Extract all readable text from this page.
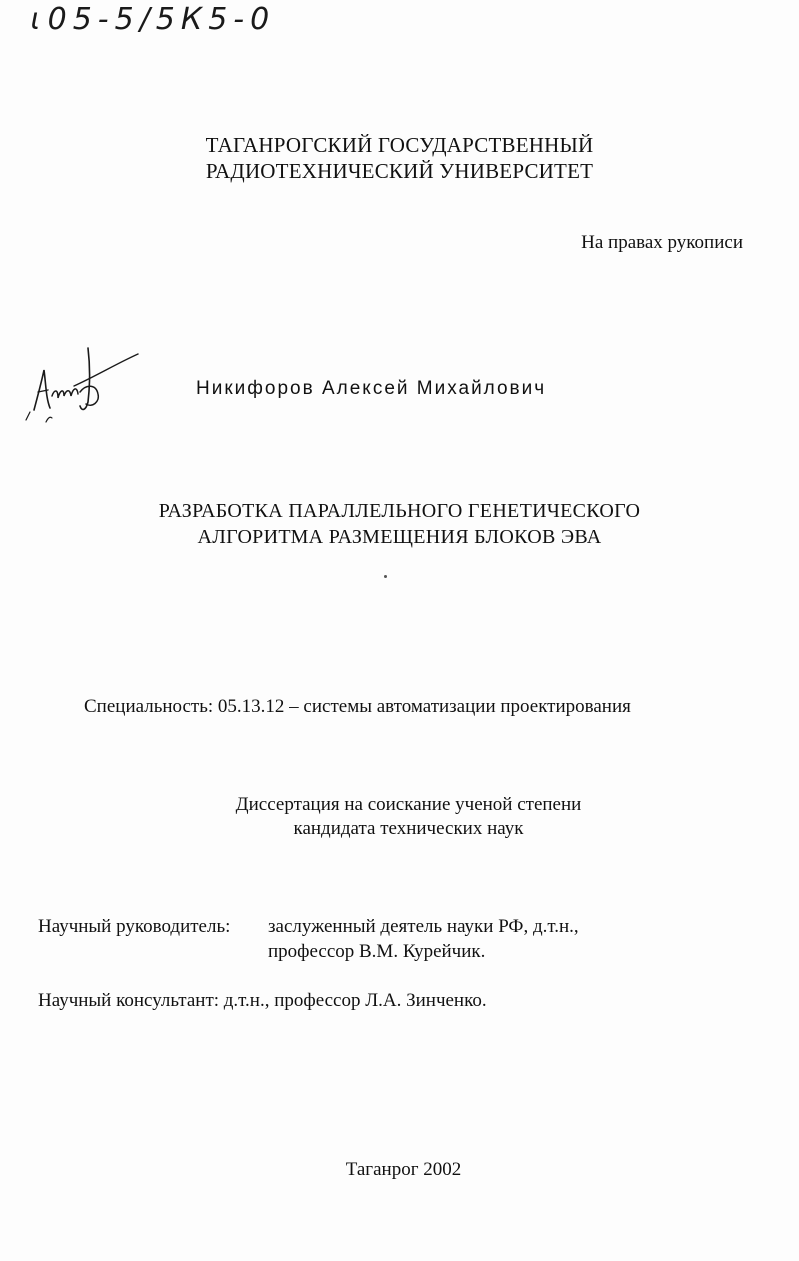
ɩ05-5/5К5-0
ТАГАНРОГСКИЙ ГОСУДАРСТВЕННЫЙ
РАДИОТЕХНИЧЕСКИЙ УНИВЕРСИТЕТ
На правах рукописи
Никифоров Алексей Михайлович
РАЗРАБОТКА ПАРАЛЛЕЛЬНОГО ГЕНЕТИЧЕСКОГО
АЛГОРИТМА РАЗМЕЩЕНИЯ БЛОКОВ ЭВА
Специальность: 05.13.12 – системы автоматизации проектирования
Диссертация на соискание ученой степени
кандидата технических наук
Научный руководитель: заслуженный деятель науки РФ, д.т.н.,
профессор В.М. Курейчик.
Научный консультант: д.т.н., профессор Л.А. Зинченко.
Таганрог 2002
